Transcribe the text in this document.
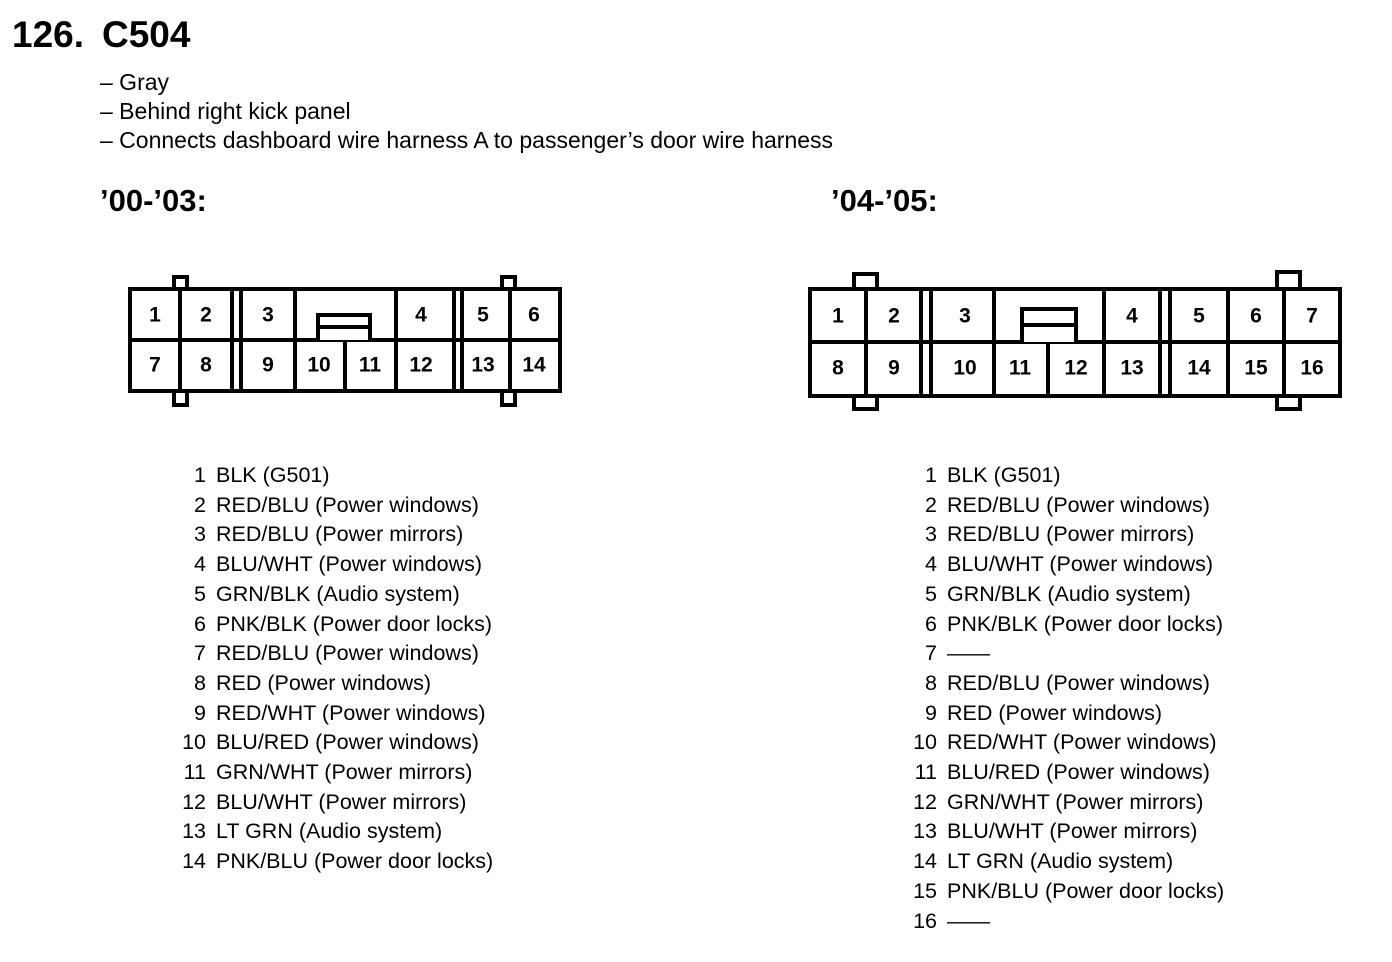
126. C504
– Gray
– Behind right kick panel
– Connects dashboard wire harness A to passenger’s door wire harness
’00-’03:	’04-’05:
1 2 3	4 5 6
7 8 9 10 11 12 13 14
1 2	3	4	5 6 7
8 9	10 11 12 13 14 15 16
1 BLK (G501)
2 RED/BLU (Power windows)
3 RED/BLU (Power mirrors)
4 BLU/WHT (Power windows)
5 GRN/BLK (Audio system)
6 PNK/BLK (Power door locks)
7 RED/BLU (Power windows)
8 RED (Power windows)
9 RED/WHT (Power windows)
10 BLU/RED (Power windows)
11 GRN/WHT (Power mirrors)
12 BLU/WHT (Power mirrors)
13 LT GRN (Audio system)
14 PNK/BLU (Power door locks)
1 BLK (G501)
2 RED/BLU (Power windows)
3 RED/BLU (Power mirrors)
4 BLU/WHT (Power windows)
5 GRN/BLK (Audio system)
6 PNK/BLK (Power door locks)
7 ——
8 RED/BLU (Power windows)
9 RED (Power windows)
10 RED/WHT (Power windows)
11 BLU/RED (Power windows)
12 GRN/WHT (Power mirrors)
13 BLU/WHT (Power mirrors)
14 LT GRN (Audio system)
15 PNK/BLU (Power door locks)
16 ——
